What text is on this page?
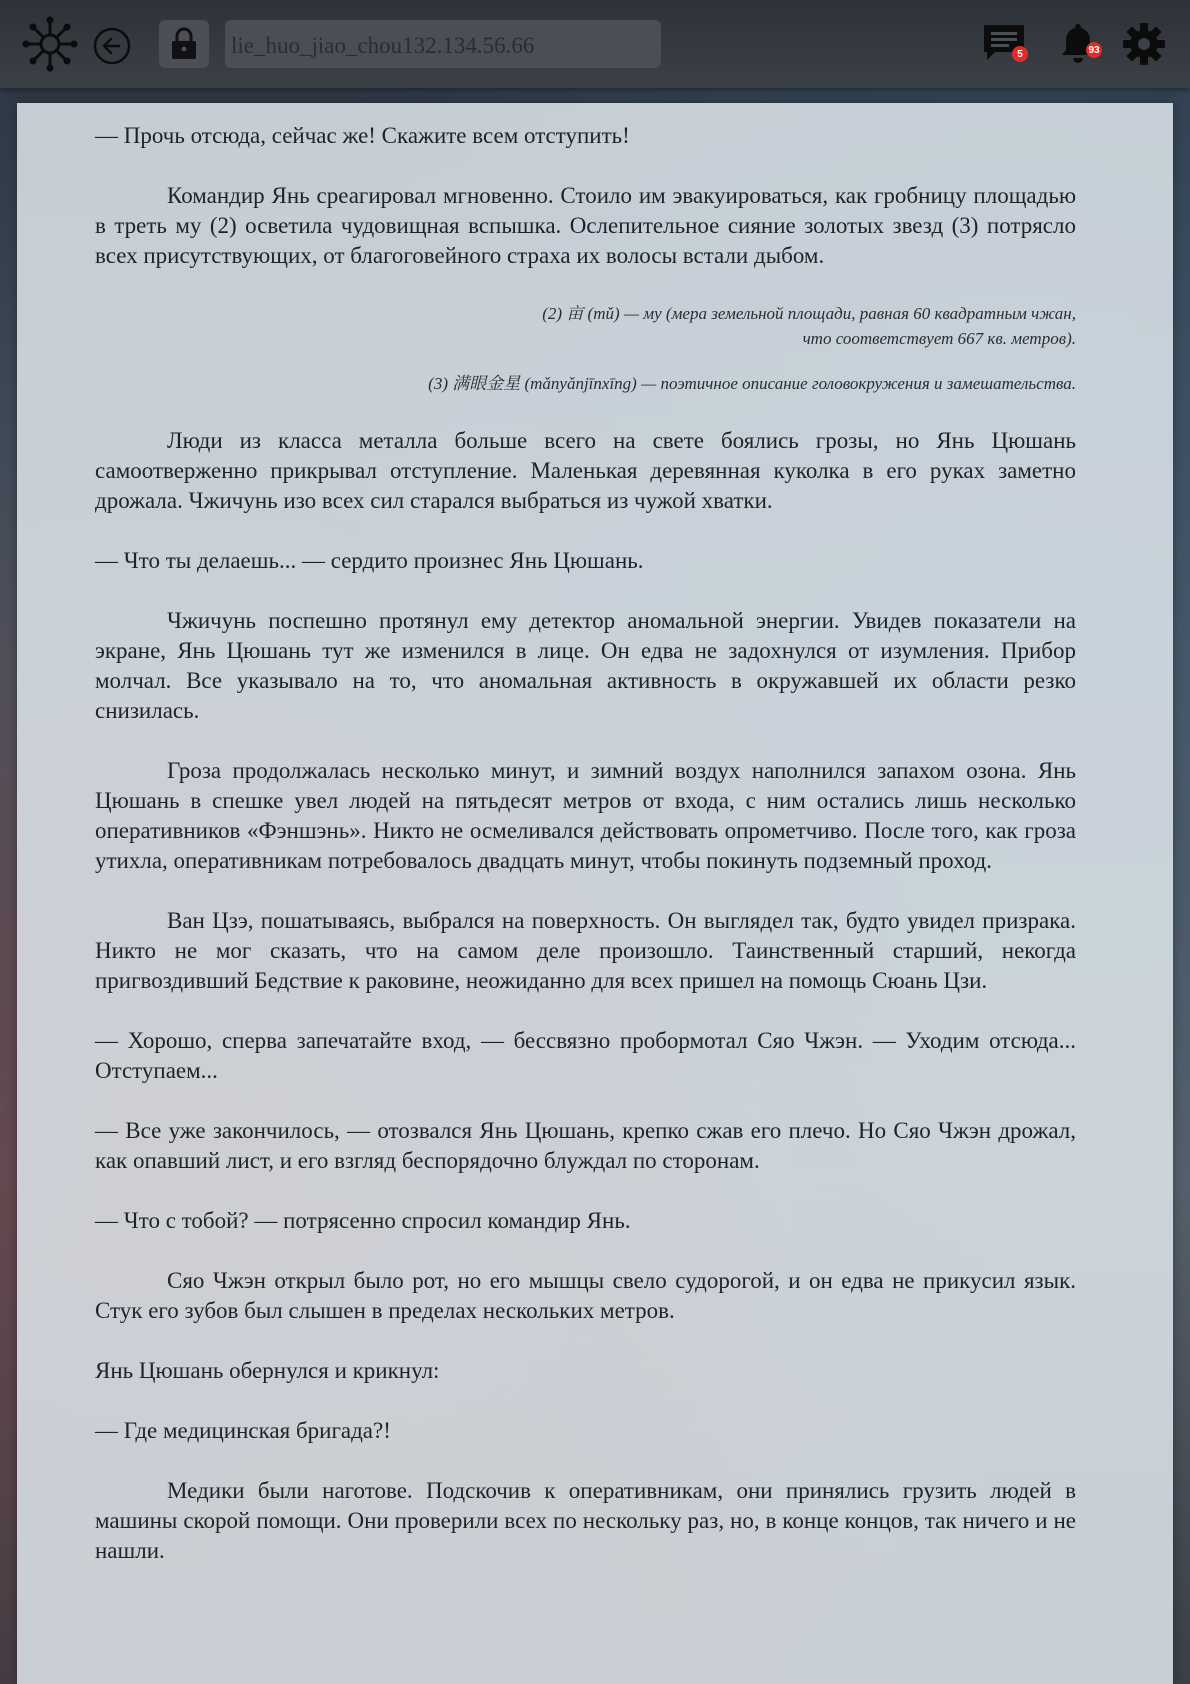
lie_huo_jiao_chou132.134.56.66
5	93

— Прочь отсюда, сейчас же! Скажите всем отступить!

Командир Янь среагировал мгновенно. Стоило им эвакуироваться, как гробницу площадью в треть му (2) осветила чудовищная вспышка. Ослепительное сияние золотых звезд (3) потрясло всех присутствующих, от благоговейного страха их волосы встали дыбом.

(2) 亩 (mǔ) — му (мера земельной площади, равная 60 квадратным чжан,
что соответствует 667 кв. метров).

(3) 满眼金星 (mǎnyǎnjīnxīng) — поэтичное описание головокружения и замешательства.

Люди из класса металла больше всего на свете боялись грозы, но Янь Цюшань самоотверженно прикрывал отступление. Маленькая деревянная куколка в его руках заметно дрожала. Чжичунь изо всех сил старался выбраться из чужой хватки.

— Что ты делаешь... — сердито произнес Янь Цюшань.

Чжичунь поспешно протянул ему детектор аномальной энергии. Увидев показатели на экране, Янь Цюшань тут же изменился в лице. Он едва не задохнулся от изумления. Прибор молчал. Все указывало на то, что аномальная активность в окружавшей их области резко снизилась.

Гроза продолжалась несколько минут, и зимний воздух наполнился запахом озона. Янь Цюшань в спешке увел людей на пятьдесят метров от входа, с ним остались лишь несколько оперативников «Фэншэнь». Никто не осмеливался действовать опрометчиво. После того, как гроза утихла, оперативникам потребовалось двадцать минут, чтобы покинуть подземный проход.

Ван Цзэ, пошатываясь, выбрался на поверхность. Он выглядел так, будто увидел призрака. Никто не мог сказать, что на самом деле произошло. Таинственный старший, некогда пригвоздивший Бедствие к раковине, неожиданно для всех пришел на помощь Сюань Цзи.

— Хорошо, сперва запечатайте вход, — бессвязно пробормотал Сяо Чжэн. — Уходим отсюда... Отступаем...

— Все уже закончилось, — отозвался Янь Цюшань, крепко сжав его плечо. Но Сяо Чжэн дрожал, как опавший лист, и его взгляд беспорядочно блуждал по сторонам.

— Что с тобой? — потрясенно спросил командир Янь.

Сяо Чжэн открыл было рот, но его мышцы свело судорогой, и он едва не прикусил язык. Стук его зубов был слышен в пределах нескольких метров.

Янь Цюшань обернулся и крикнул:

— Где медицинская бригада?!

Медики были наготове. Подскочив к оперативникам, они принялись грузить людей в машины скорой помощи. Они проверили всех по нескольку раз, но, в конце концов, так ничего и не нашли.
